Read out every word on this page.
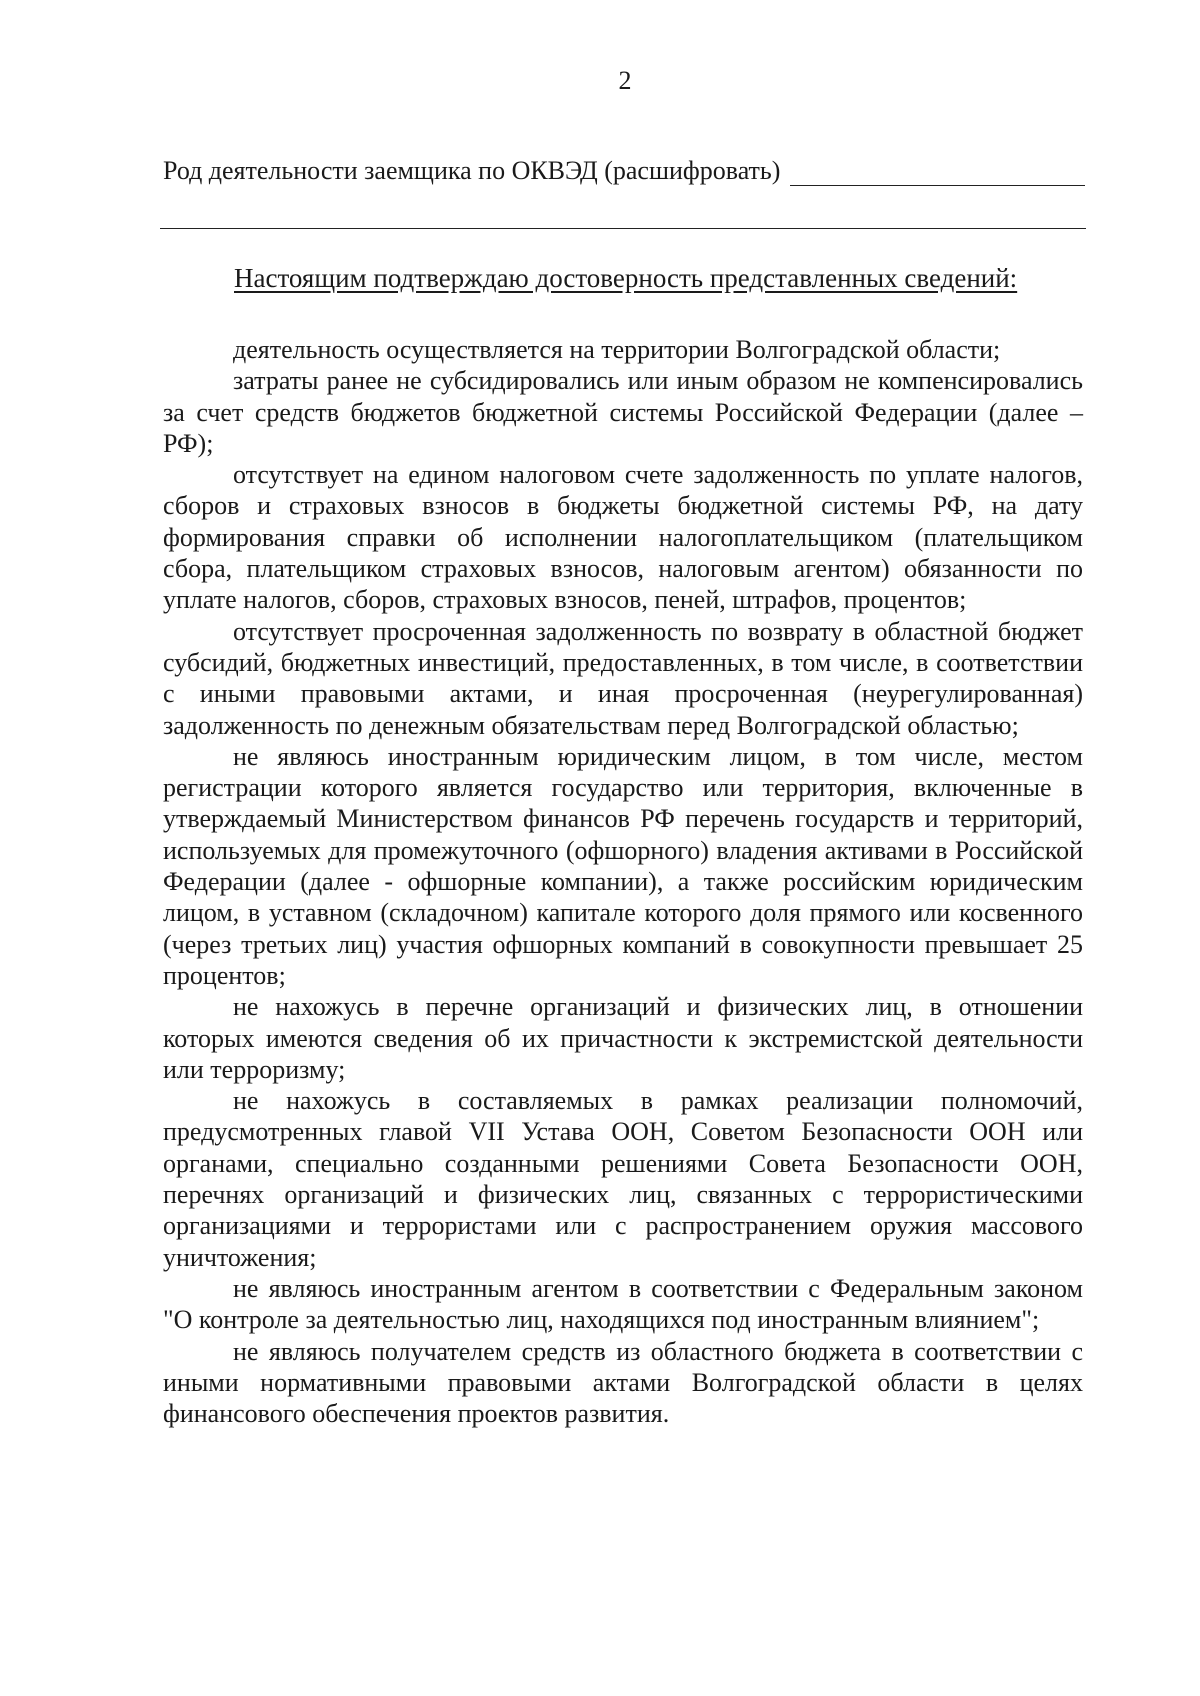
2
Род деятельности заемщика по ОКВЭД (расшифровать)
Настоящим подтверждаю достоверность представленных сведений:

деятельность осуществляется на территории Волгоградской области;

затраты ранее не субсидировались или иным образом не компенсировались за счет средств бюджетов бюджетной системы Российской Федерации (далее – РФ);

отсутствует на едином налоговом счете задолженность по уплате налогов, сборов и страховых взносов в бюджеты бюджетной системы РФ, на дату формирования справки об исполнении налогоплательщиком (плательщиком сбора, плательщиком страховых взносов, налоговым агентом) обязанности по уплате налогов, сборов, страховых взносов, пеней, штрафов, процентов;

отсутствует просроченная задолженность по возврату в областной бюджет субсидий, бюджетных инвестиций, предоставленных, в том числе, в соответствии с иными правовыми актами, и иная просроченная (неурегулированная) задолженность по денежным обязательствам перед Волгоградской областью;

не являюсь иностранным юридическим лицом, в том числе, местом регистрации которого является государство или территория, включенные в утверждаемый Министерством финансов РФ перечень государств и территорий, используемых для промежуточного (офшорного) владения активами в Российской Федерации (далее - офшорные компании), а также российским юридическим лицом, в уставном (складочном) капитале которого доля прямого или косвенного (через третьих лиц) участия офшорных компаний в совокупности превышает 25 процентов;

не нахожусь в перечне организаций и физических лиц, в отношении которых имеются сведения об их причастности к экстремистской деятельности или терроризму;

не нахожусь в составляемых в рамках реализации полномочий, предусмотренных главой VII Устава ООН, Советом Безопасности ООН или органами, специально созданными решениями Совета Безопасности ООН, перечнях организаций и физических лиц, связанных с террористическими организациями и террористами или с распространением оружия массового уничтожения;

не являюсь иностранным агентом в соответствии с Федеральным законом "О контроле за деятельностью лиц, находящихся под иностранным влиянием";

не являюсь получателем средств из областного бюджета в соответствии с иными нормативными правовыми актами Волгоградской области в целях финансового обеспечения проектов развития.
